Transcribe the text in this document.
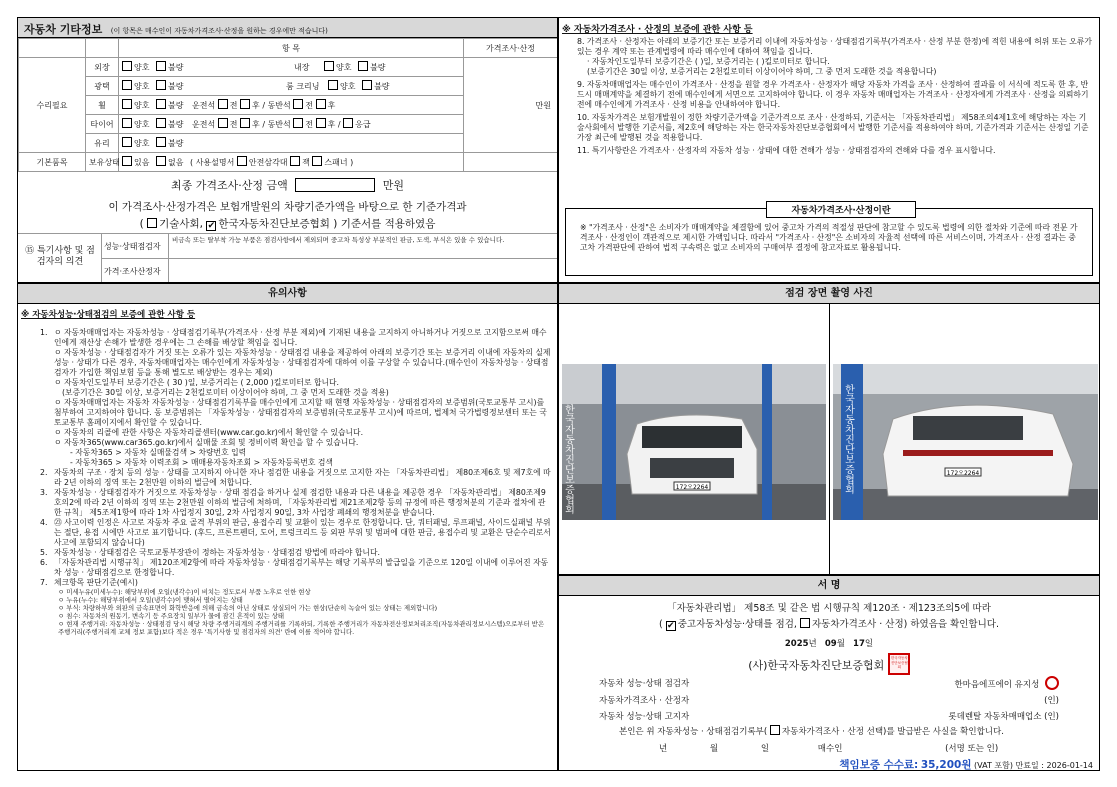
자동차 기타정보 (이 항목은 매수인이 자동차가격조사·산정을 원하는 경우에만 적습니다)
		항 목	가격조사·산정
수리필요	외장	양호 불량 내장 양호 불량	만원
	광택	양호 불량 룸 크리닝 양호 불량	
	휠	양호 불량 운전석 전 후 / 동반석 전 후	
	타이어	양호 불량 운전석 전 후 / 동반석 전 후 / 응급	
	유리	양호 불량	
기본품목	보유상태	있음 없음 ( 사용설명서 안전삼각대 잭 스패너 )	
최종 가격조사·산정 금액	만원
이 가격조사·산정가격은 보험개발원의 차량기준가액을 바탕으로 한 기준가격과
( 기술사회, ✔ 한국자동차진단보증협회 ) 기준서를 적용하였음
⑮ 특기사항 및 점검자의 의견
성능·상태점검자
비금속 또는 탈부착 가능 부품은 점검사항에서 제외되며 중고차 특성상 부분적인 판금, 도색, 부식은 있을 수 있습니다.
가격·조사산정자
※ 자동차가격조사 · 산정의 보증에 관한 사항 등
8. 가격조사 · 산정자는 아래의 보증기간 또는 보증거리 이내에 자동차성능 · 상태점검기록부(가격조사 · 산정 부분 한정)에 적힌 내용에 허위 또는 오류가 있는 경우 계약 또는 관계법령에 따라 매수인에 대하여 책임을 집니다.
· 자동차인도일부터 보증기간은 ( )일, 보증거리는 ( )킬로미터로 합니다.
(보증기간은 30일 이상, 보증거리는 2천킬로미터 이상이어야 하며, 그 중 먼저 도래한 것을 적용합니다)
9. 자동차매매업자는 매수인이 가격조사 · 산정을 원할 경우 가격조사 · 산정자가 해당 자동차 가격을 조사 · 산정하여 결과를 이 서식에 적도록 한 후, 반드시 매매계약을 체결하기 전에 매수인에게 서면으로 고지하여야 합니다. 이 경우 자동차 매매업자는 가격조사 · 산정자에게 가격조사 · 산정을 의뢰하기 전에 매수인에게 가격조사 · 산정 비용을 안내하여야 합니다.
10. 자동차가격은 보험개발원이 정한 차량기준가액을 기준가격으로 조사 · 산정하되, 기준서는 「자동차관리법」 제58조의4제1호에 해당하는 자는 기술사회에서 발행한 기준서를, 제2호에 해당하는 자는 한국자동차진단보증협회에서 발행한 기준서를 적용하여야 하며, 기준가격과 기준서는 산정일 기준 가장 최근에 발행된 것을 적용합니다.
11. 특기사항란은 가격조사 · 산정자의 자동차 성능 · 상태에 대한 견해가 성능 · 상태점검자의 견해와 다를 경우 표시합니다.
자동차가격조사·산정이란
※ "가격조사 · 산정"은 소비자가 매매계약을 체결함에 있어 중고차 가격의 적절성 판단에 참고할 수 있도록 법령에 의한 절차와 기준에 따라 전문 가격조사 · 산정인이 객관적으로 제시한 가액입니다. 따라서 "가격조사 · 산정"은 소비자의 자율적 선택에 따른 서비스이며, 가격조사 · 산정 결과는 중고차 가격판단에 관하여 법적 구속력은 없고 소비자의 구매여부 결정에 참고자료로 활용됩니다.
유의사항
※ 자동차성능·상태점검의 보증에 관한 사항 등
1. ㅇ 자동차매매업자는 자동차성능 · 상태점검기록부(가격조사 · 산정 부분 제외)에 기재된 내용을 고지하지 아니하거나 거짓으로 고지함으로써 매수인에게 재산상 손해가 발생한 경우에는 그 손해를 배상할 책임을 집니다.
ㅇ 자동차성능 · 상태점검자가 거짓 또는 오류가 있는 자동차성능 · 상태점검 내용을 제공하여 아래의 보증기간 또는 보증거리 이내에 자동차의 실제 성능 · 상태가 다른 경우, 자동차매매업자는 매수인에게 자동차성능 · 상태점검자에 대하여 이를 구상할 수 있습니다.(매수인이 자동차성능 · 상태점검자가 가입한 책임보험 등을 통해 별도로 배상받는 경우는 제외)
ㅇ 자동차인도일부터 보증기간은 ( 30 )일, 보증거리는 ( 2,000 )킬로미터로 합니다.
(보증기간은 30일 이상, 보증거리는 2천킬로미터 이상이어야 하며, 그 중 먼저 도래한 것을 적용)
ㅇ 자동차매매업자는 자동차 자동차성능 · 상태점검기록부를 매수인에게 고지할 때 현행 자동차성능 · 상태점검자의 보증범위(국토교통부 고시)를 첨부하여 고지하여야 합니다. 동 보증범위는 「자동차성능 · 상태점검자의 보증범위(국토교통부 고시)에 따르며, 법제처 국가법령정보센터 또는 국토교통부 홈페이지에서 확인할 수 있습니다.
ㅇ 자동차의 리콜에 관한 사항은 자동차리콜센터(www.car.go.kr)에서 확인할 수 있습니다.
ㅇ 자동차365(www.car365.go.kr)에서 실매물 조회 및 정비이력 확인을 할 수 있습니다.
- 자동차365 > 자동차 실매물검색 > 차량번호 입력
- 자동차365 > 자동차 이력조회 > 매매용자동차조회 > 자동차등록번호 검색
2. 자동차의 구조 · 장치 등의 성능 · 상태를 고지하지 아니한 자나 점검한 내용을 거짓으로 고지한 자는 「자동차관리법」 제80조제6호 및 제7호에 따라 2년 이하의 징역 또는 2천만원 이하의 벌금에 처합니다.
3. 자동차성능 · 상태점검자가 거짓으로 자동차성능 · 상태 점검을 하거나 실제 점검한 내용과 다른 내용을 제공한 경우 「자동차관리법」 제80조제9호의2에 따라 2년 이하의 징역 또는 2천만원 이하의 벌금에 처하며, 「자동차관리법 제21조제2항 등의 규정에 따른 행정처분의 기준과 절차에 관한 규칙」 제5조제1항에 따라 1차 사업정지 30일, 2차 사업정지 90일, 3차 사업장 폐쇄의 행정처분을 받습니다.
4. ㉓ 사고이력 인정은 사고로 자동차 주요 골격 부위의 판금, 용접수리 및 교환이 있는 경우로 한정합니다. 단, 쿼터패널, 루프패널, 사이드실패널 부위는 절단, 용접 시에만 사고로 표기합니다. (후드, 프론트펜더, 도어, 트렁크리드 등 외판 부위 및 범퍼에 대한 판금, 용접수리 및 교환은 단순수리로서 사고에 포함되지 않습니다)
5. 자동차성능 · 상태점검은 국토교통부장관이 정하는 자동차성능 · 상태점검 방법에 따라야 합니다.
6. 「자동차관리법 시행규칙」 제120조제2항에 따라 자동차성능 · 상태점검기록부는 해당 기록부의 발급일을 기준으로 120일 이내에 이루어진 자동차 성능 · 상태점검으로 한정합니다.
7. 체크항목 판단기준(예시)
ㅇ 미세누유(미세누수): 해당부위에 오일(냉각수)이 비치는 정도로서 부품 노후로 인한 현상
ㅇ 누유(누수): 해당부위에서 오일(냉각수)이 맺혀서 떨어지는 상태
ㅇ 부식: 차량하부와 외판의 금속표면이 화학반응에 의해 금속의 아닌 상태로 상실되어 가는 현상(단순히 녹슬어 있는 상태는 제외합니다)
ㅇ 침수: 자동차의 원동기, 변속기 등 주요장치 일부가 물에 잠긴 흔적이 있는 상태
ㅇ 현재 주행거리: 자동차성능 · 상태점검 당시 해당 차량 주행거리계의 주행거리를 기록하되, 기록한 주행거리가 자동차전산정보처리조직(자동차관리정보시스템)으로부터 받은 주행거리(주행거리계 교체 정보 포함)보다 적은 경우 '특기사항 및 점검자의 의견' 란에 이를 적어야 합니다.
점검 장면 촬영 사진
172오2264
한국자동차진단보증협회	172오2264
한국자동차진단보증협회
서 명
「자동차관리법」 제58조 및 같은 법 시행규칙 제120조 · 제123조의5에 따라
( ✔ 중고자동차성능·상태를 점검, 자동차가격조사 · 산정) 하였음을 확인합니다.
2025년 09월 17일
(사)한국자동차진단보증협회
한국자동차진단보증협회
자동차 성능·상태 점검자	한마음에프에이 유지성
자동차가격조사 · 산정자	(인)
자동차 성능·상태 고지자	롯데렌탈 자동차매매업소 (인)
본인은 위 자동차성능 · 상태점검기록부( 자동차가격조사 · 산정 선택)를 발급받은 사실을 확인합니다.
년	월	일	매수인	(서명 또는 인)
책임보증 수수료: 35,200원 (VAT 포함) 만료일 : 2026-01-14
